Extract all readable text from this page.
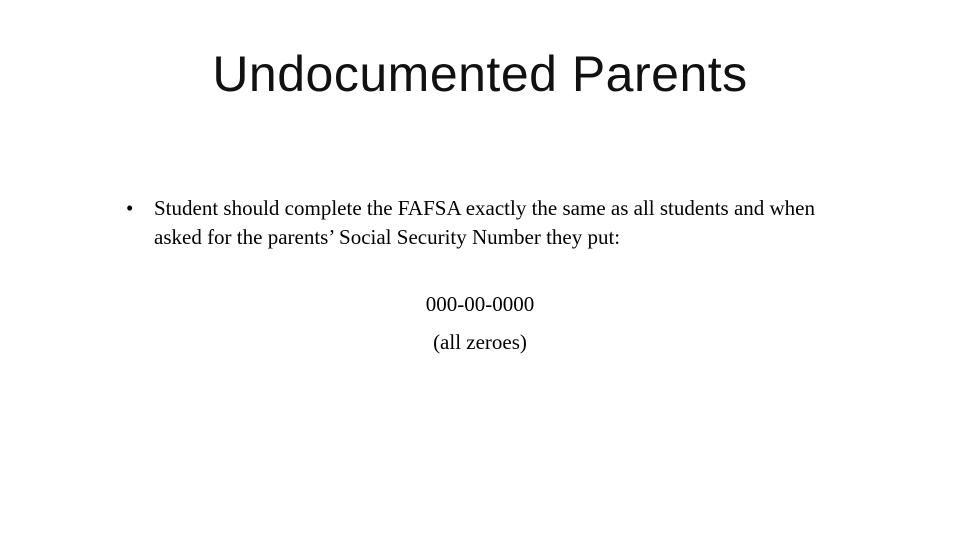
Undocumented Parents
• Student should complete the FAFSA exactly the same as all students and when asked for the parents’ Social Security Number they put:
000-00-0000
(all zeroes)
